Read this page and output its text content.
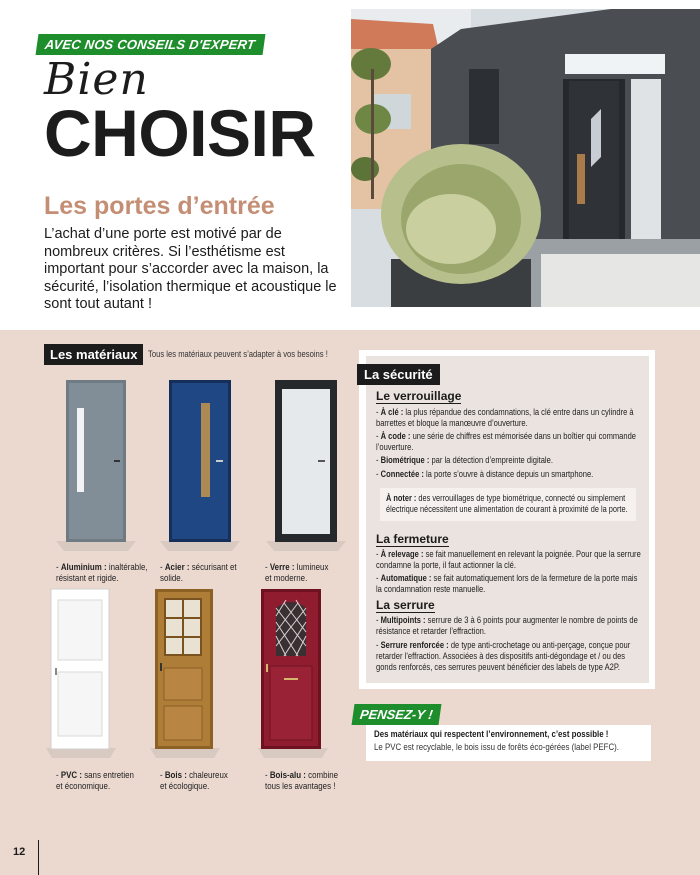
AVEC NOS CONSEILS D'EXPERT
Bien
CHOISIR
Les portes d’entrée
L’achat d’une porte est motivé par de nombreux critères. Si l’esthétisme est important pour s’accorder avec la maison, la sécurité, l’isolation thermique et acoustique le sont tout autant !
Les matériaux	Tous les matériaux peuvent s’adapter à vos besoins !
- Aluminium : inaltérable, résistant et rigide.
- Acier : sécurisant et solide.
- Verre : lumineux et moderne.
- PVC : sans entretien et économique.
- Bois : chaleureux et écologique.
- Bois-alu : combine tous les avantages !
La sécurité
Le verrouillage
- À clé : la plus répandue des condamnations, la clé entre dans un cylindre à barrettes et bloque la manœuvre d’ouverture.
- À code : une série de chiffres est mémorisée dans un boîtier qui commande l’ouverture.
- Biométrique : par la détection d’empreinte digitale.
- Connectée : la porte s’ouvre à distance depuis un smartphone.
À noter : des verrouillages de type biométrique, connecté ou simplement électrique nécessitent une alimentation de courant à proximité de la porte.
La fermeture
- À relevage : se fait manuellement en relevant la poignée. Pour que la serrure condamne la porte, il faut actionner la clé.
- Automatique : se fait automatiquement lors de la fermeture de la porte mais la condamnation reste manuelle.
La serrure
- Multipoints : serrure de 3 à 6 points pour augmenter le nombre de points de résistance et retarder l’effraction.
- Serrure renforcée : de type anti-crochetage ou anti-perçage, conçue pour retarder l’effraction. Associées à des dispositifs anti-dégondage et / ou des gonds renforcés, ces serrures peuvent bénéficier des labels de type A2P.
PENSEZ-Y !
Des matériaux qui respectent l’environnement, c’est possible !
Le PVC est recyclable, le bois issu de forêts éco-gérées (label PEFC).
12
